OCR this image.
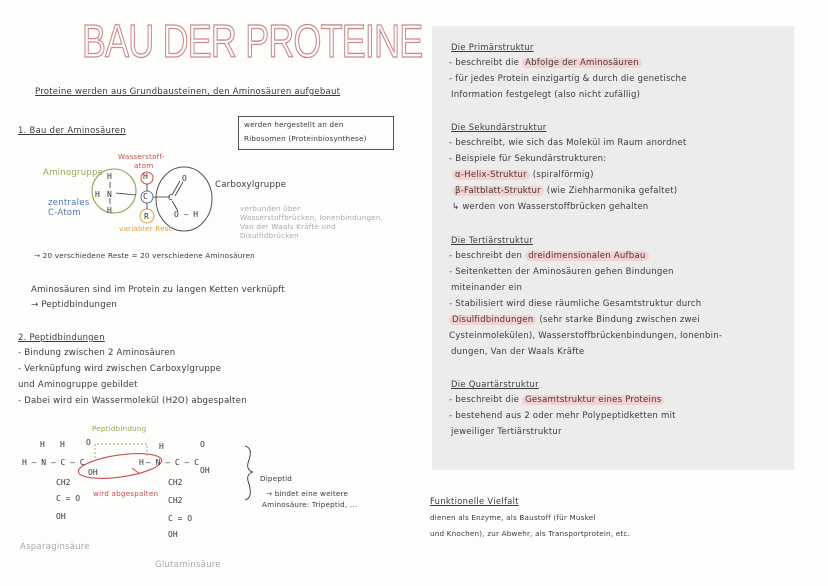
BAU DER PROTEINE
Proteine werden aus Grundbausteinen, den Aminosäuren aufgebaut
1. Bau der Aminosäuren
werden hergestellt an den
Ribosomen (Proteinbiosynthese)
H	H
N
H
H	C	C
R
O
O – H
Aminogruppe
Wasserstoff-
atom
Carboxylgruppe
zentrales
C-Atom
variabler Rest
verbunden über
Wasserstoffbrücken, Ionenbindungen,
Van der Waals Kräfte und
Disulfidbrücken
→ 20 verschiedene Reste = 20 verschiedene Aminosäuren
Aminosäuren sind im Protein zu langen Ketten verknüpft
→ Peptidbindungen
2. Peptidbindungen
- Bindung zwischen 2 Aminosäuren
- Verknüpfung wird zwischen Carboxylgruppe
und Aminogruppe gebildet
- Dabei wird ein Wassermolekül (H2O) abgespalten
Peptidbindung
H H	O	H	O
H – N – C – C
OH
H – N – C – C
OH
CH2
C = O
OH
CH2
CH2
C = O
OH
wird abgespalten
Dipeptid
→ bindet eine weitere
Aminosäure: Tripeptid, ...
Asparaginsäure
Glutaminsäure
Die Primärstruktur
- beschreibt die Abfolge der Aminosäuren
- für jedes Protein einzigartig & durch die genetische
Information festgelegt (also nicht zufällig)
Die Sekundärstruktur
- beschreibt, wie sich das Molekül im Raum anordnet
- Beispiele für Sekundärstrukturen:
α-Helix-Struktur (spiralförmig)
β-Faltblatt-Struktur (wie Ziehharmonika gefaltet)
↳ werden von Wasserstoffbrücken gehalten
Die Tertiärstruktur
- beschreibt den dreidimensionalen Aufbau
- Seitenketten der Aminosäuren gehen Bindungen
miteinander ein
- Stabilisiert wird diese räumliche Gesamtstruktur durch
Disulfidbindungen (sehr starke Bindung zwischen zwei
Cysteinmolekülen), Wasserstoffbrückenbindungen, Ionenbin-
dungen, Van der Waals Kräfte
Die Quartärstruktur
- beschreibt die Gesamtstruktur eines Proteins
- bestehend aus 2 oder mehr Polypeptidketten mit
jeweiliger Tertiärstruktur
Funktionelle Vielfalt
dienen als Enzyme, als Baustoff (für Muskel
und Knochen), zur Abwehr, als Transportprotein, etc.
